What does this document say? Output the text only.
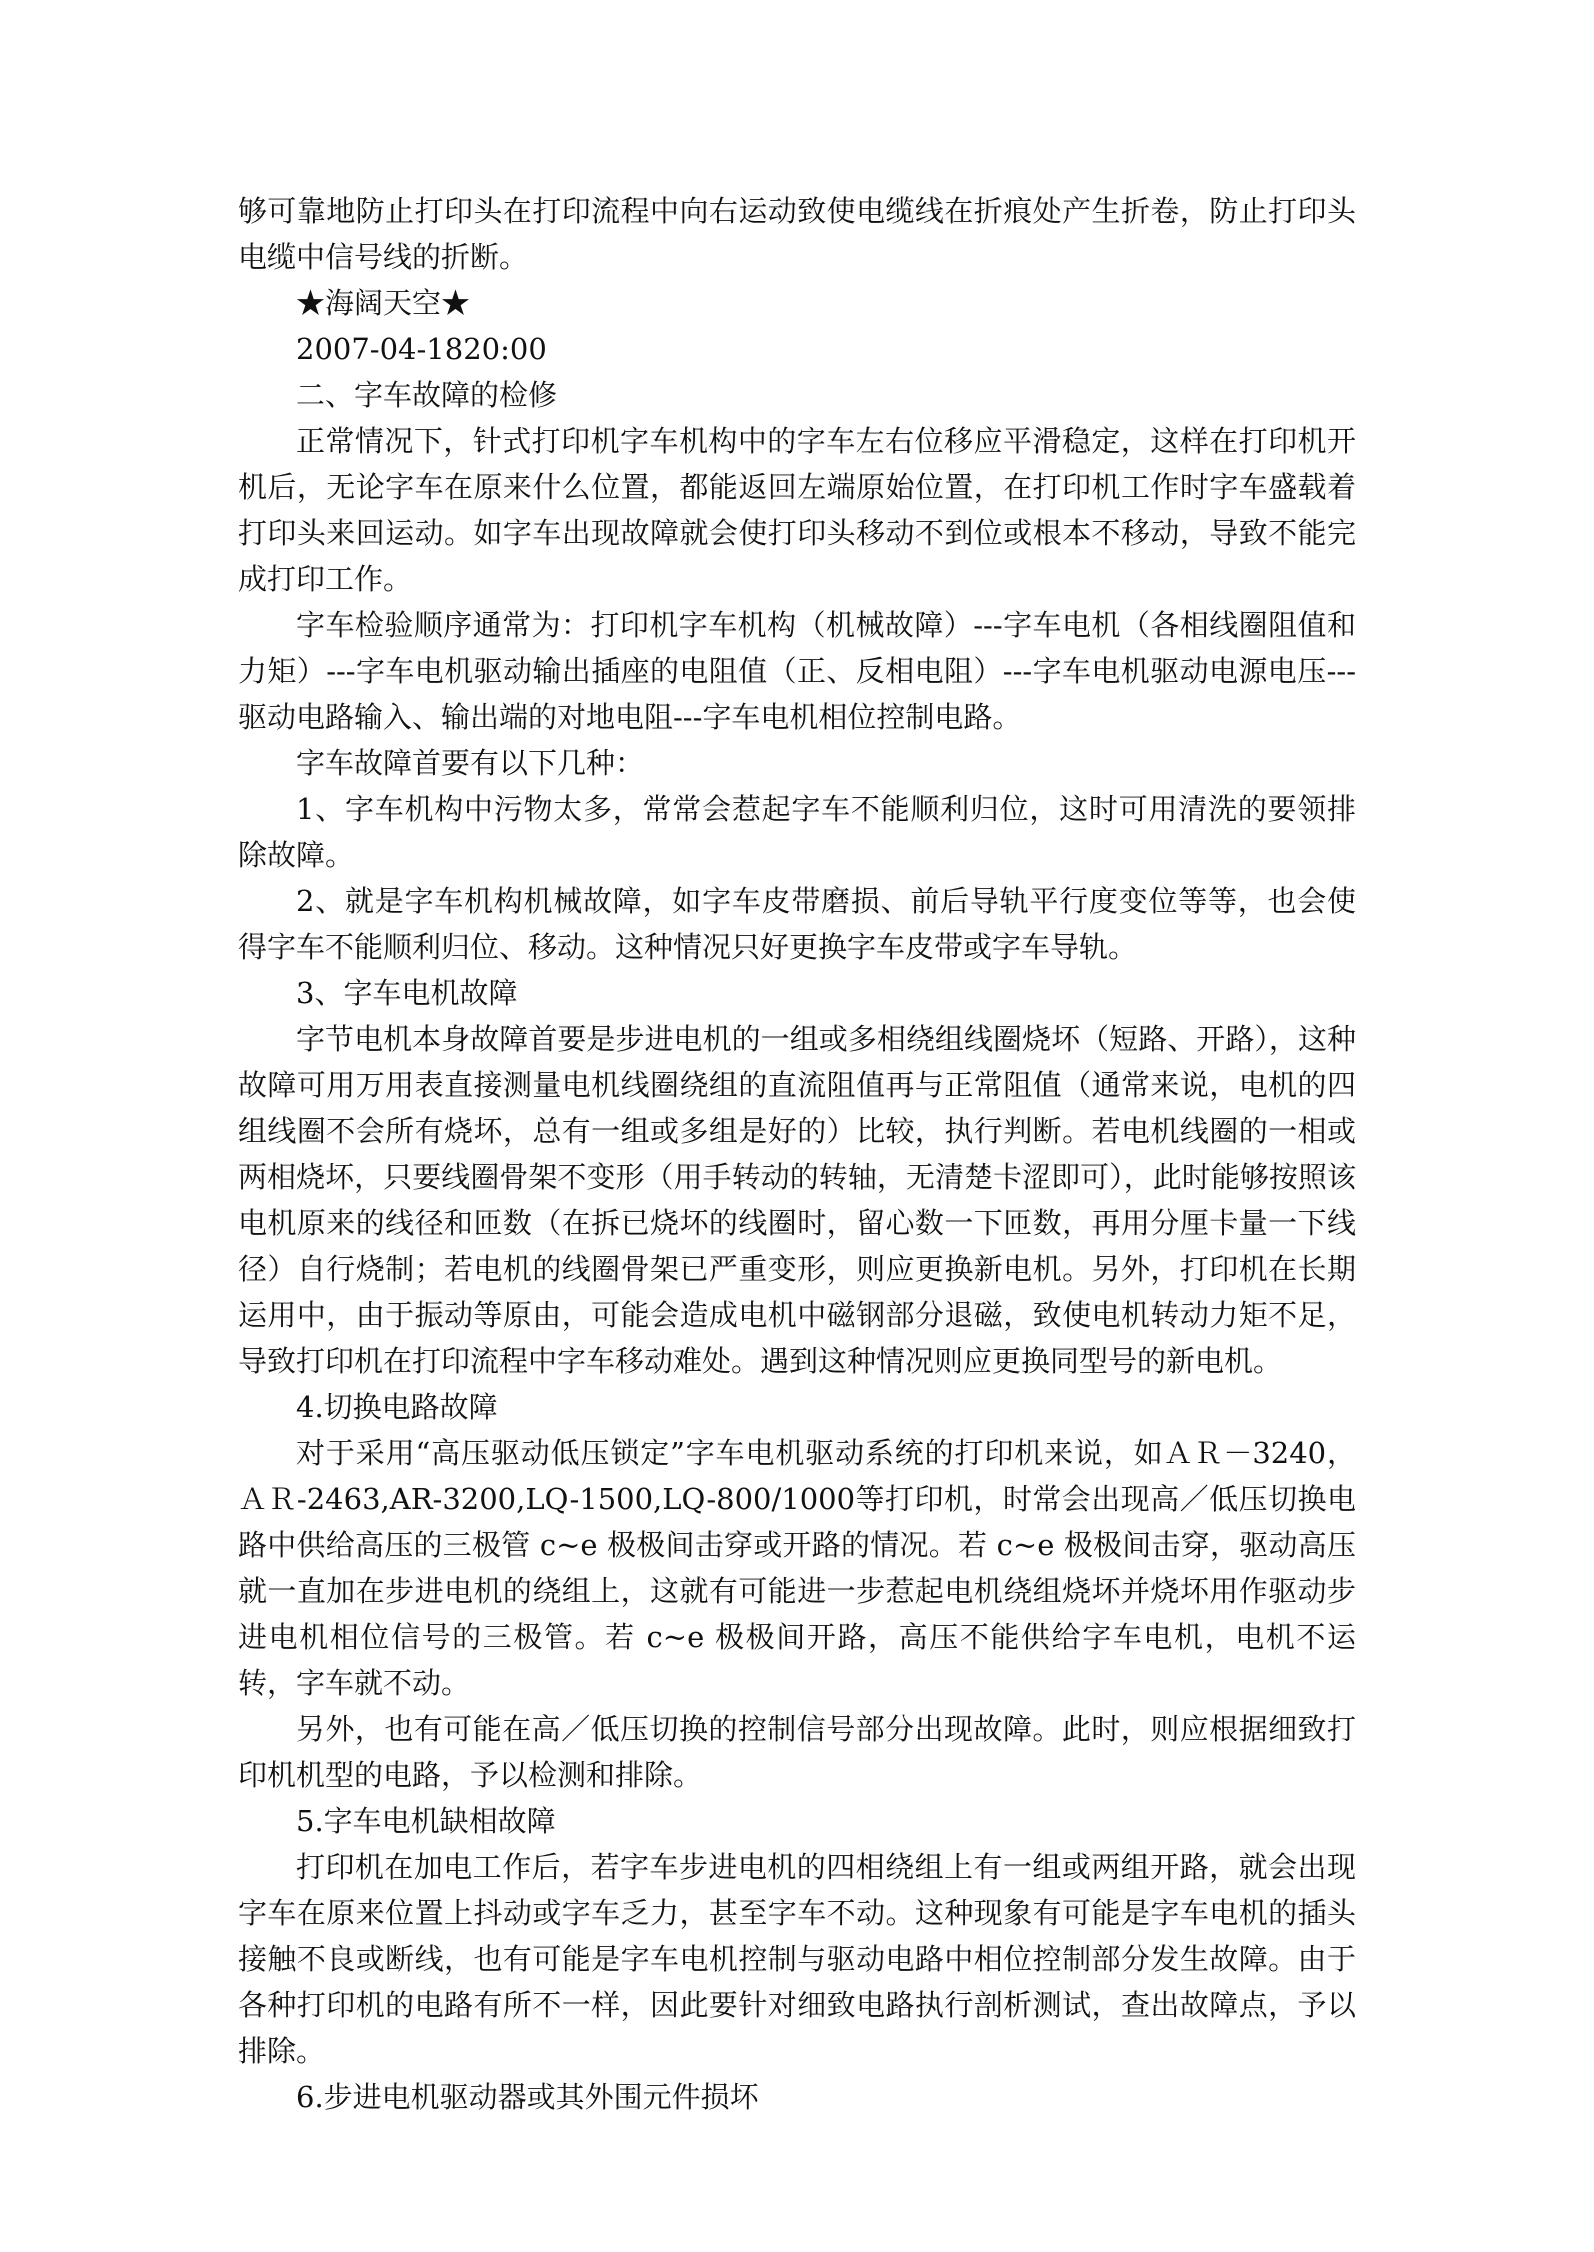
够可靠地防止打印头在打印流程中向右运动致使电缆线在折痕处产生折卷，防止打印头电缆中信号线的折断。

★海阔天空★

2007-04-1820:00

二、字车故障的检修

正常情况下，针式打印机字车机构中的字车左右位移应平滑稳定，这样在打印机开机后，无论字车在原来什么位置，都能返回左端原始位置，在打印机工作时字车盛载着打印头来回运动。如字车出现故障就会使打印头移动不到位或根本不移动，导致不能完成打印工作。

字车检验顺序通常为：打印机字车机构（机械故障）---字车电机（各相线圈阻值和力矩）---字车电机驱动输出插座的电阻值（正、反相电阻）---字车电机驱动电源电压---驱动电路输入、输出端的对地电阻---字车电机相位控制电路。

字车故障首要有以下几种：

1、字车机构中污物太多，常常会惹起字车不能顺利归位，这时可用清洗的要领排除故障。

2、就是字车机构机械故障，如字车皮带磨损、前后导轨平行度变位等等，也会使得字车不能顺利归位、移动。这种情况只好更换字车皮带或字车导轨。

3、字车电机故障

字节电机本身故障首要是步进电机的一组或多相绕组线圈烧坏（短路、开路），这种故障可用万用表直接测量电机线圈绕组的直流阻值再与正常阻值（通常来说，电机的四组线圈不会所有烧坏，总有一组或多组是好的）比较，执行判断。若电机线圈的一相或两相烧坏，只要线圈骨架不变形（用手转动的转轴，无清楚卡涩即可），此时能够按照该电机原来的线径和匝数（在拆已烧坏的线圈时，留心数一下匝数，再用分厘卡量一下线径）自行烧制；若电机的线圈骨架已严重变形，则应更换新电机。另外，打印机在长期运用中，由于振动等原由，可能会造成电机中磁钢部分退磁，致使电机转动力矩不足，导致打印机在打印流程中字车移动难处。遇到这种情况则应更换同型号的新电机。

4.切换电路故障

对于采用“高压驱动低压锁定”字车电机驱动系统的打印机来说，如ＡＲ－3240，ＡＲ-2463,AR-3200,LQ-1500,LQ-800/1000等打印机，时常会出现高／低压切换电路中供给高压的三极管 c~e 极极间击穿或开路的情况。若 c~e 极极间击穿，驱动高压就一直加在步进电机的绕组上，这就有可能进一步惹起电机绕组烧坏并烧坏用作驱动步进电机相位信号的三极管。若 c~e 极极间开路，高压不能供给字车电机，电机不运转，字车就不动。

另外，也有可能在高／低压切换的控制信号部分出现故障。此时，则应根据细致打印机机型的电路，予以检测和排除。

5.字车电机缺相故障

打印机在加电工作后，若字车步进电机的四相绕组上有一组或两组开路，就会出现字车在原来位置上抖动或字车乏力，甚至字车不动。这种现象有可能是字车电机的插头接触不良或断线，也有可能是字车电机控制与驱动电路中相位控制部分发生故障。由于各种打印机的电路有所不一样，因此要针对细致电路执行剖析测试，查出故障点，予以排除。

6.步进电机驱动器或其外围元件损坏
